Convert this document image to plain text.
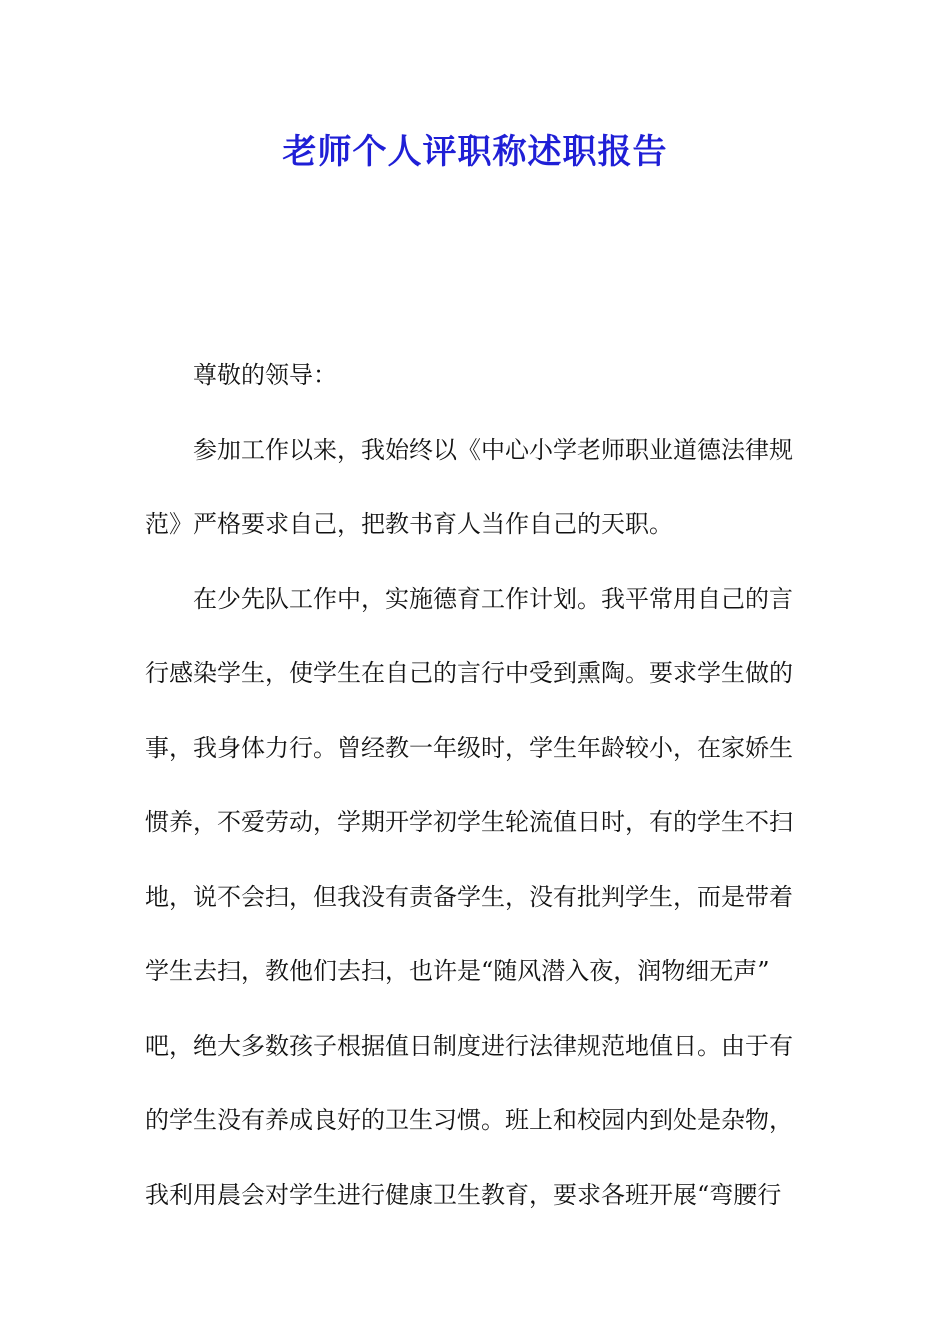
老师个人评职称述职报告
尊敬的领导：
参加工作以来，我始终以《中心小学老师职业道德法律规
范》严格要求自己，把教书育人当作自己的天职。
在少先队工作中，实施德育工作计划。我平常用自己的言
行感染学生，使学生在自己的言行中受到熏陶。要求学生做的
事，我身体力行。曾经教一年级时，学生年龄较小，在家娇生
惯养，不爱劳动，学期开学初学生轮流值日时，有的学生不扫
地，说不会扫，但我没有责备学生，没有批判学生，而是带着
学生去扫，教他们去扫，也许是“随风潜入夜，润物细无声”
吧，绝大多数孩子根据值日制度进行法律规范地值日。由于有
的学生没有养成良好的卫生习惯。班上和校园内到处是杂物，
我利用晨会对学生进行健康卫生教育，要求各班开展“弯腰行
